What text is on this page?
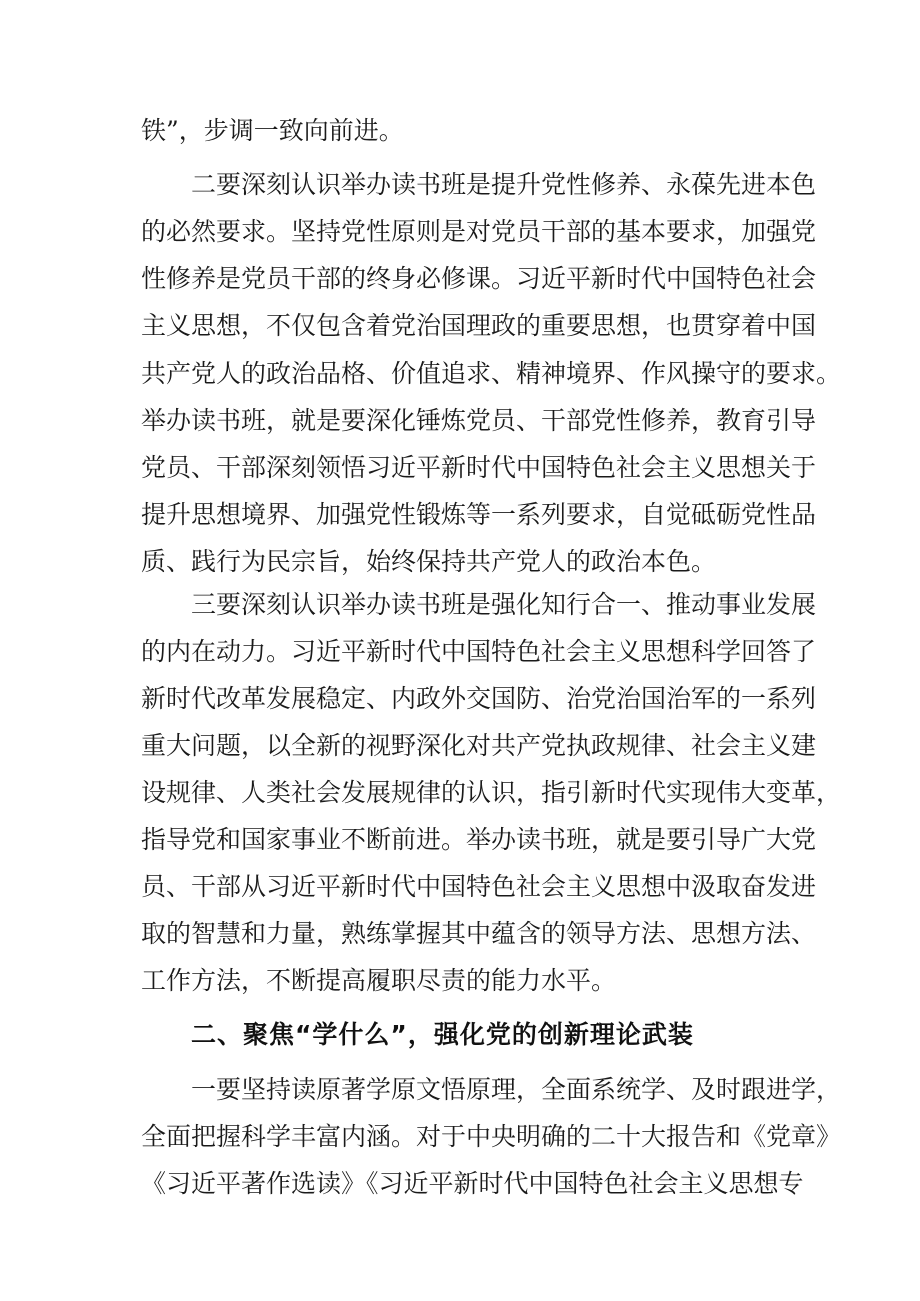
铁”，步调一致向前进。
二要深刻认识举办读书班是提升党性修养、永葆先进本色
的必然要求。坚持党性原则是对党员干部的基本要求，加强党
性修养是党员干部的终身必修课。习近平新时代中国特色社会
主义思想，不仅包含着党治国理政的重要思想，也贯穿着中国
共产党人的政治品格、价值追求、精神境界、作风操守的要求。
举办读书班，就是要深化锤炼党员、干部党性修养，教育引导
党员、干部深刻领悟习近平新时代中国特色社会主义思想关于
提升思想境界、加强党性锻炼等一系列要求，自觉砥砺党性品
质、践行为民宗旨，始终保持共产党人的政治本色。
三要深刻认识举办读书班是强化知行合一、推动事业发展
的内在动力。习近平新时代中国特色社会主义思想科学回答了
新时代改革发展稳定、内政外交国防、治党治国治军的一系列
重大问题，以全新的视野深化对共产党执政规律、社会主义建
设规律、人类社会发展规律的认识，指引新时代实现伟大变革，
指导党和国家事业不断前进。举办读书班，就是要引导广大党
员、干部从习近平新时代中国特色社会主义思想中汲取奋发进
取的智慧和力量，熟练掌握其中蕴含的领导方法、思想方法、
工作方法，不断提高履职尽责的能力水平。
二、聚焦“学什么”，强化党的创新理论武装
一要坚持读原著学原文悟原理，全面系统学、及时跟进学，
全面把握科学丰富内涵。对于中央明确的二十大报告和《党章》
《习近平著作选读》《习近平新时代中国特色社会主义思想专
